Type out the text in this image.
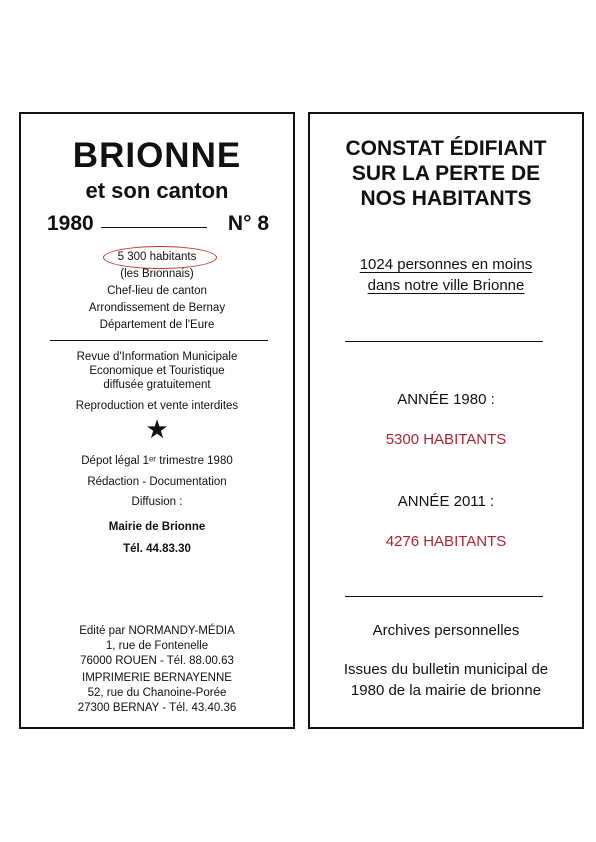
BRIONNE
et son canton
1980	N° 8
5 300 habitants
(les Brionnais)
Chef-lieu de canton
Arrondissement de Bernay
Département de l'Eure
Revue d'Information Municipale
Economique et Touristique
diffusée gratuitement
Reproduction et vente interdites
★
Dépot légal 1ᵉʳ trimestre 1980
Rédaction - Documentation
Diffusion :
Mairie de Brionne
Tél. 44.83.30
Edité par NORMANDY-MÉDIA
1, rue de Fontenelle
76000 ROUEN - Tél. 88.00.63
IMPRIMERIE BERNAYENNE
52, rue du Chanoine-Porée
27300 BERNAY - Tél. 43.40.36
CONSTAT ÉDIFIANT
SUR LA PERTE DE
NOS HABITANTS
1024 personnes en moins
dans notre ville Brionne
ANNÉE 1980 :
5300 HABITANTS
ANNÉE 2011 :
4276 HABITANTS
Archives personnelles
Issues du bulletin municipal de
1980 de la mairie de brionne
